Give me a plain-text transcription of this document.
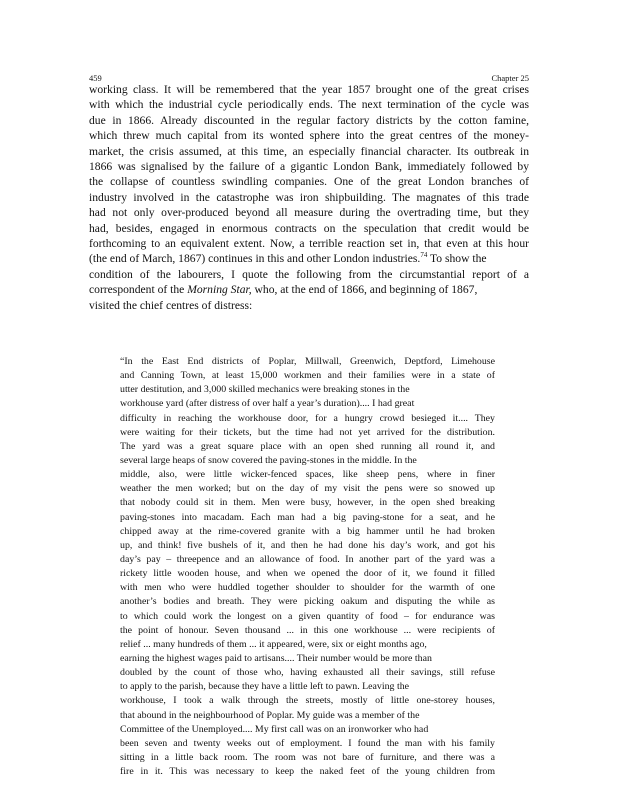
459	Chapter 25
working class. It will be remembered that the year 1857 brought one of the great crises
with which the industrial cycle periodically ends. The next termination of the cycle was
due in 1866. Already discounted in the regular factory districts by the cotton famine,
which threw much capital from its wonted sphere into the great centres of the money-
market, the crisis assumed, at this time, an especially financial character. Its outbreak in
1866 was signalised by the failure of a gigantic London Bank, immediately followed by
the collapse of countless swindling companies. One of the great London branches of
industry involved in the catastrophe was iron shipbuilding. The magnates of this trade
had not only over-produced beyond all measure during the overtrading time, but they
had, besides, engaged in enormous contracts on the speculation that credit would be
forthcoming to an equivalent extent. Now, a terrible reaction set in, that even at this hour
(the end of March, 1867) continues in this and other London industries.$^{74}$ To show the
condition of the labourers, I quote the following from the circumstantial report of a
correspondent of the Morning Star, who, at the end of 1866, and beginning of 1867,
visited the chief centres of distress:
“In the East End districts of Poplar, Millwall, Greenwich, Deptford, Limehouse
and Canning Town, at least 15,000 workmen and their families were in a state of
utter destitution, and 3,000 skilled mechanics were breaking stones in the
workhouse yard (after distress of over half a year’s duration).... I had great
difficulty in reaching the workhouse door, for a hungry crowd besieged it.... They
were waiting for their tickets, but the time had not yet arrived for the distribution.
The yard was a great square place with an open shed running all round it, and
several large heaps of snow covered the paving-stones in the middle. In the
middle, also, were little wicker-fenced spaces, like sheep pens, where in finer
weather the men worked; but on the day of my visit the pens were so snowed up
that nobody could sit in them. Men were busy, however, in the open shed breaking
paving-stones into macadam. Each man had a big paving-stone for a seat, and he
chipped away at the rime-covered granite with a big hammer until he had broken
up, and think! five bushels of it, and then he had done his day’s work, and got his
day’s pay – threepence and an allowance of food. In another part of the yard was a
rickety little wooden house, and when we opened the door of it, we found it filled
with men who were huddled together shoulder to shoulder for the warmth of one
another’s bodies and breath. They were picking oakum and disputing the while as
to which could work the longest on a given quantity of food – for endurance was
the point of honour. Seven thousand ... in this one workhouse ... were recipients of
relief ... many hundreds of them ... it appeared, were, six or eight months ago,
earning the highest wages paid to artisans.... Their number would be more than
doubled by the count of those who, having exhausted all their savings, still refuse
to apply to the parish, because they have a little left to pawn. Leaving the
workhouse, I took a walk through the streets, mostly of little one-storey houses,
that abound in the neighbourhood of Poplar. My guide was a member of the
Committee of the Unemployed.... My first call was on an ironworker who had
been seven and twenty weeks out of employment. I found the man with his family
sitting in a little back room. The room was not bare of furniture, and there was a
fire in it. This was necessary to keep the naked feet of the young children from
